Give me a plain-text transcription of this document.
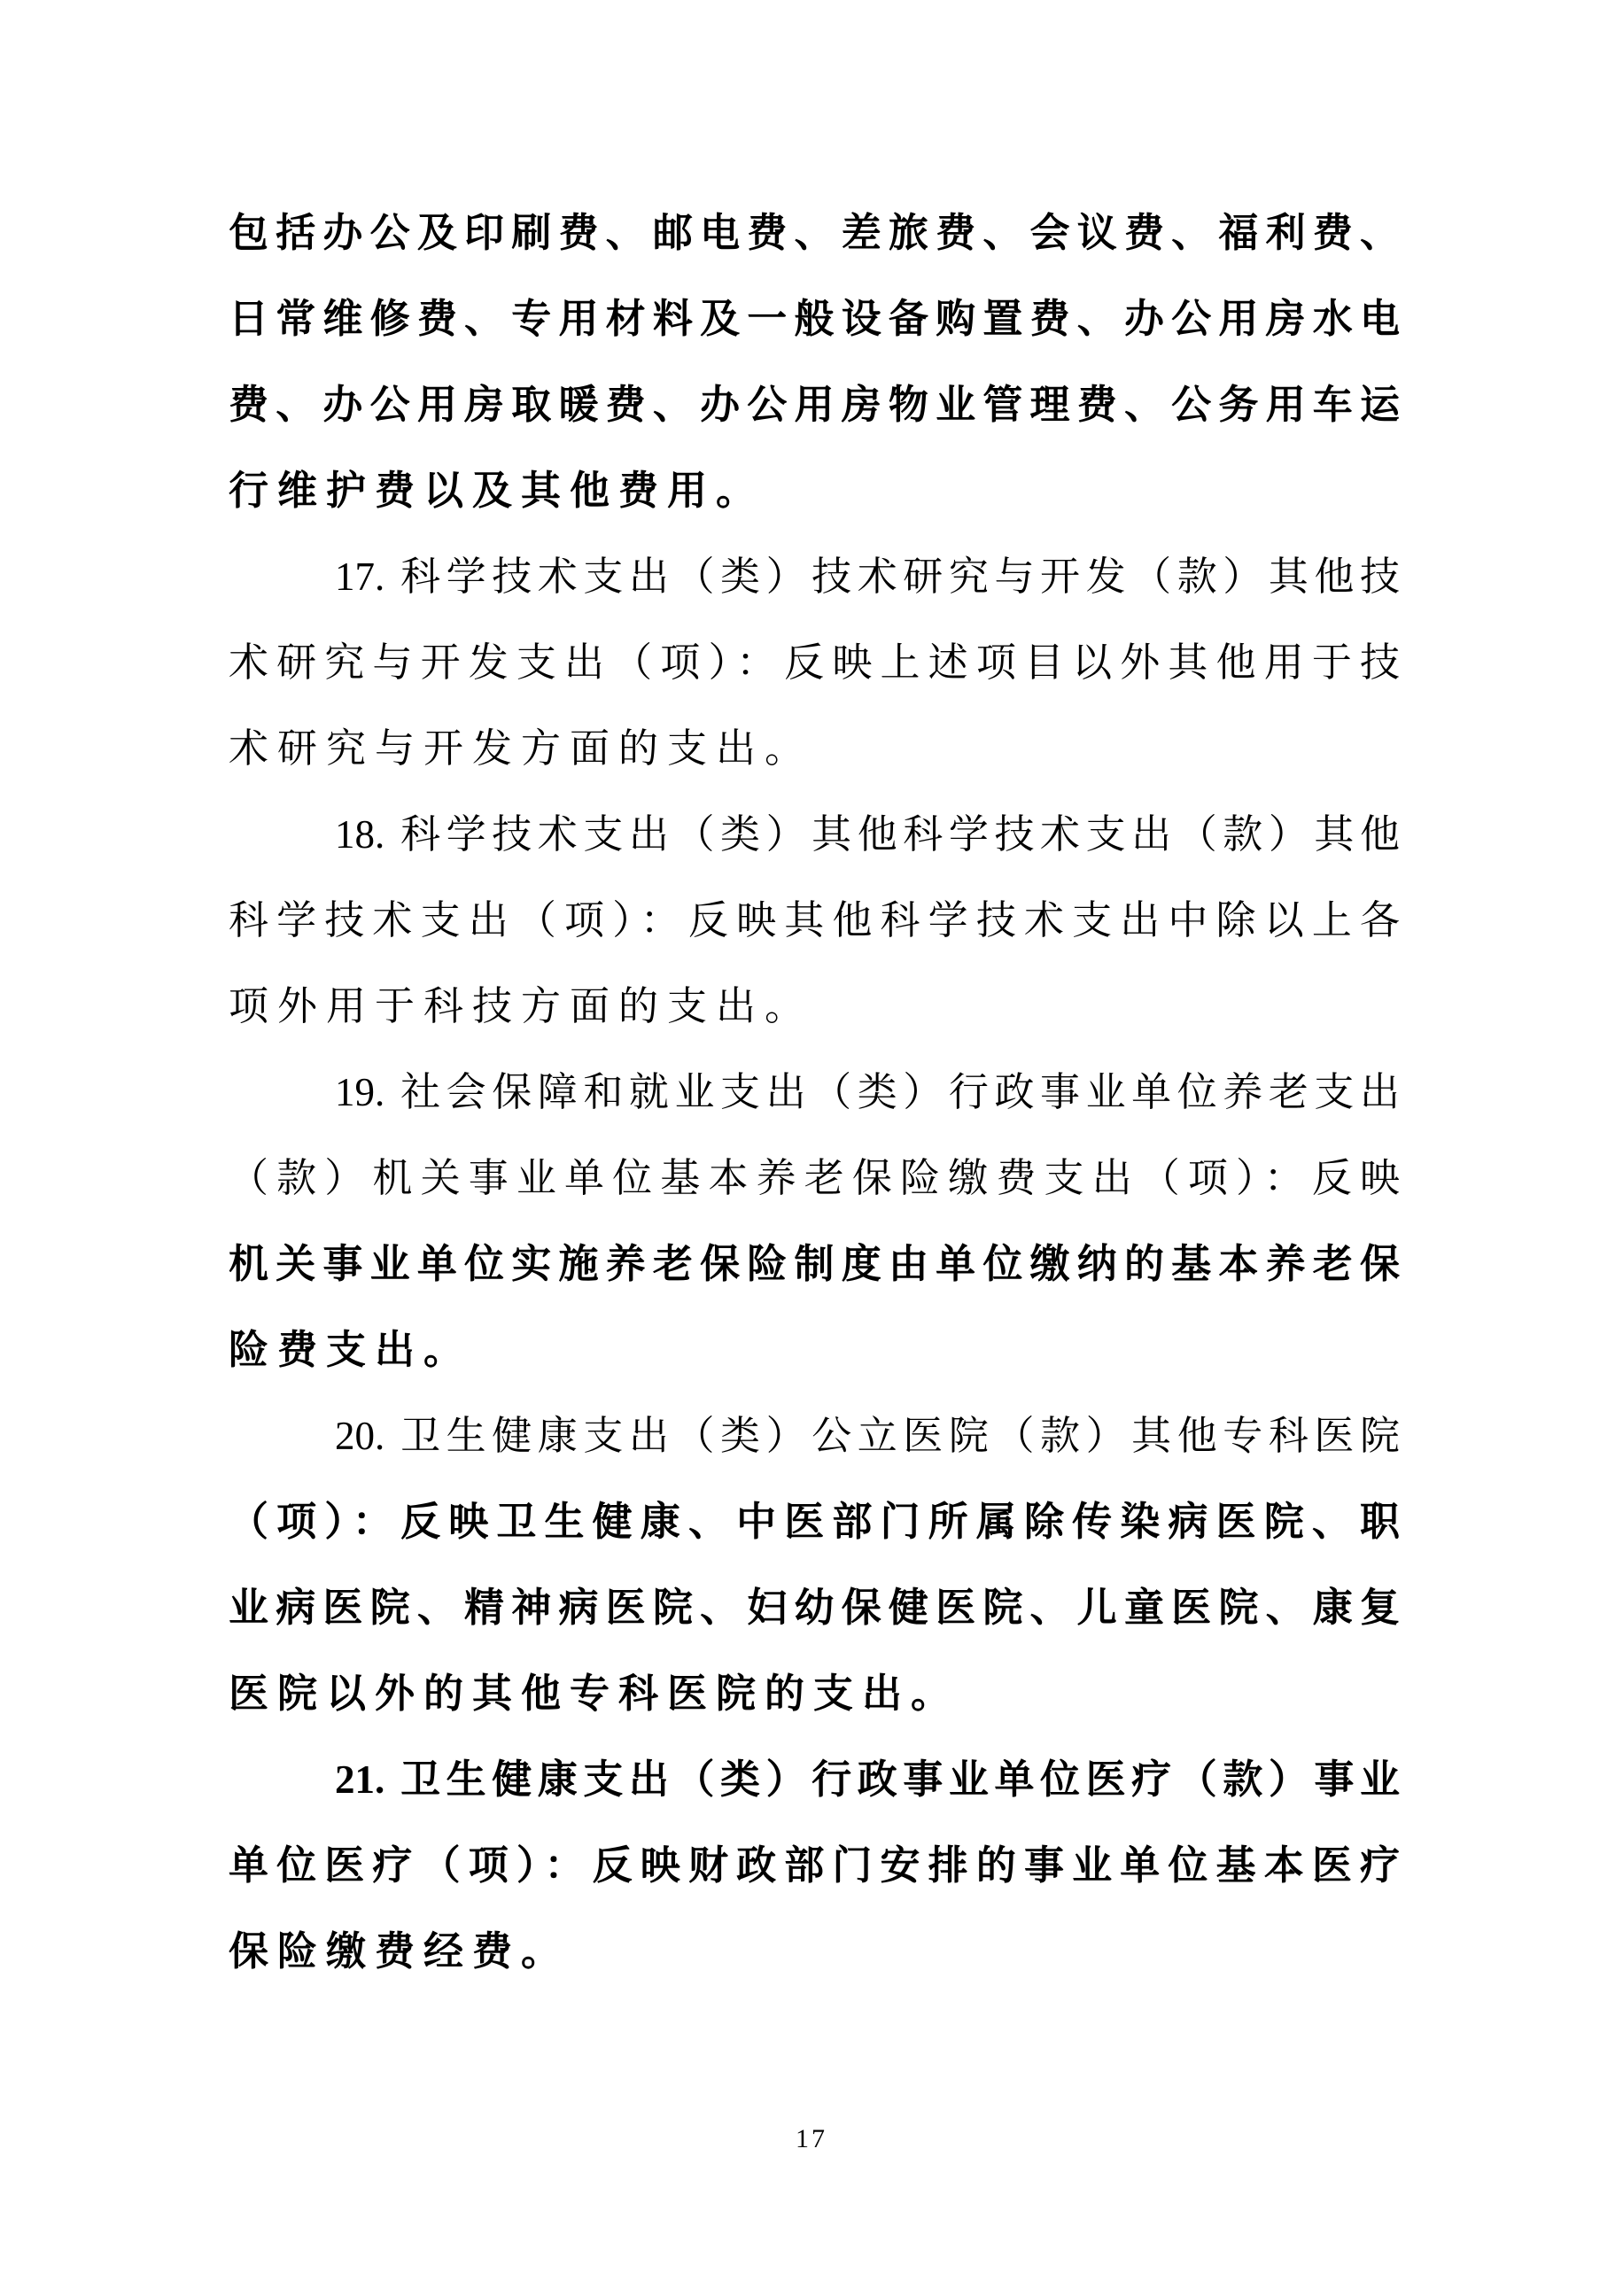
包括办公及印刷费、邮电费、差旅费、会议费、福利费、
日常维修费、专用材料及一般设备购置费、办公用房水电
费、办公用房取暖费、办公用房物业管理费、公务用车运
行维护费以及其他费用。
17. 科学技术支出（类）技术研究与开发（款）其他技
术研究与开发支出（项）：反映上述项目以外其他用于技
术研究与开发方面的支出。
18. 科学技术支出（类）其他科学技术支出（款）其他
科学技术支出（项）：反映其他科学技术支出中除以上各
项外用于科技方面的支出。
19. 社会保障和就业支出（类）行政事业单位养老支出
（款）机关事业单位基本养老保险缴费支出（项）：反映
机关事业单位实施养老保险制度由单位缴纳的基本养老保
险费支出。
20. 卫生健康支出（类）公立医院（款）其他专科医院
（项）：反映卫生健康、中医部门所属除传染病医院、职
业病医院、精神病医院、妇幼保健医院、儿童医院、康复
医院以外的其他专科医院的支出。
21. 卫生健康支出（类）行政事业单位医疗（款）事业
单位医疗（项）：反映财政部门安排的事业单位基本医疗
保险缴费经费。
17
